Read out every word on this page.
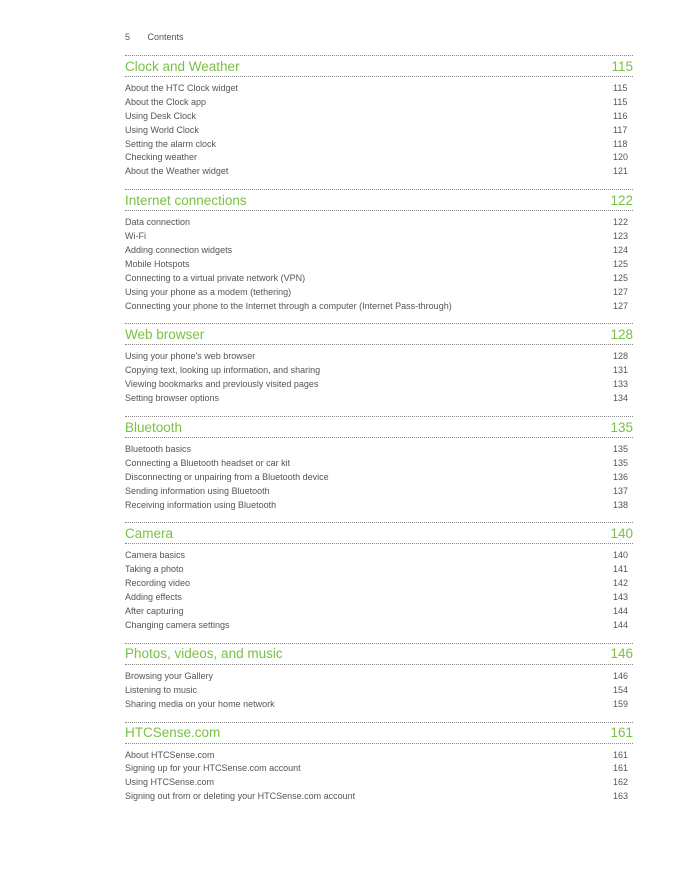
5 Contents
Clock and Weather	115
About the HTC Clock widget	115
About the Clock app	115
Using Desk Clock	116
Using World Clock	117
Setting the alarm clock	118
Checking weather	120
About the Weather widget	121
Internet connections	122
Data connection	122
Wi-Fi	123
Adding connection widgets	124
Mobile Hotspots	125
Connecting to a virtual private network (VPN)	125
Using your phone as a modem (tethering)	127
Connecting your phone to the Internet through a computer (Internet Pass-through)	127
Web browser	128
Using your phone's web browser	128
Copying text, looking up information, and sharing	131
Viewing bookmarks and previously visited pages	133
Setting browser options	134
Bluetooth	135
Bluetooth basics	135
Connecting a Bluetooth headset or car kit	135
Disconnecting or unpairing from a Bluetooth device	136
Sending information using Bluetooth	137
Receiving information using Bluetooth	138
Camera	140
Camera basics	140
Taking a photo	141
Recording video	142
Adding effects	143
After capturing	144
Changing camera settings	144
Photos, videos, and music	146
Browsing your Gallery	146
Listening to music	154
Sharing media on your home network	159
HTCSense.com	161
About HTCSense.com	161
Signing up for your HTCSense.com account	161
Using HTCSense.com	162
Signing out from or deleting your HTCSense.com account	163
